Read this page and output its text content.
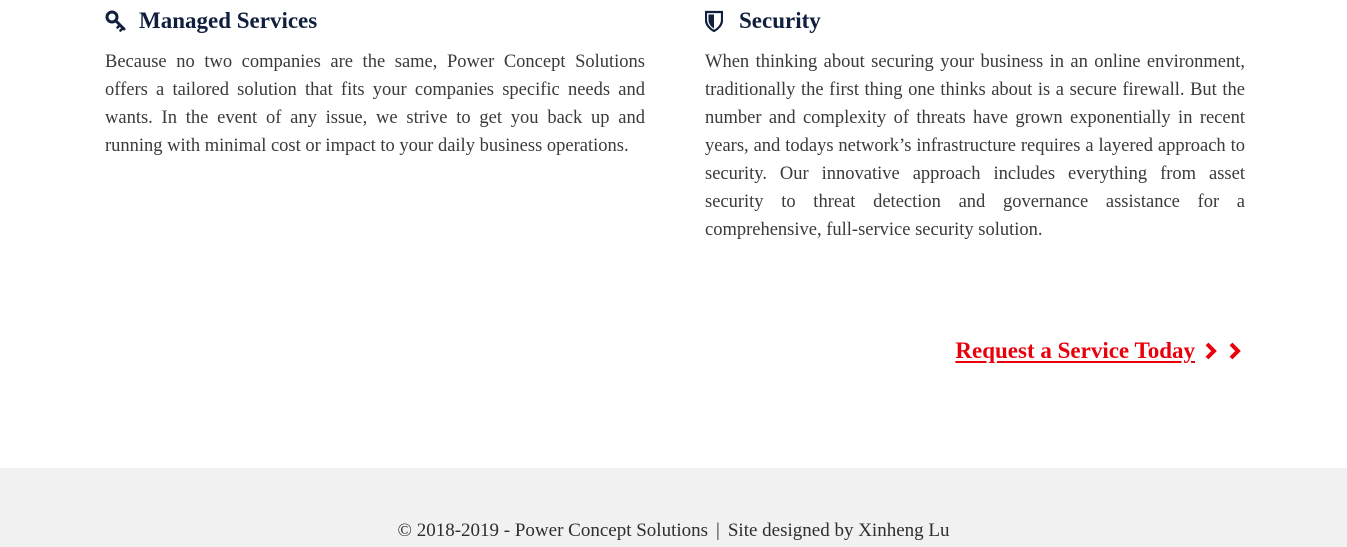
Managed Services

Because no two companies are the same, Power Concept Solutions offers a tailored solution that fits your companies specific needs and wants. In the event of any issue, we strive to get you back up and running with minimal cost or impact to your daily business operations.

Security

When thinking about securing your business in an online environment, traditionally the first thing one thinks about is a secure firewall. But the number and complexity of threats have grown exponentially in recent years, and todays network’s infrastructure requires a layered approach to security. Our innovative approach includes everything from asset security to threat detection and governance assistance for a comprehensive, full-service security solution.

Request a Service Today
© 2018-2019 - Power Concept Solutions | Site designed by Xinheng Lu
